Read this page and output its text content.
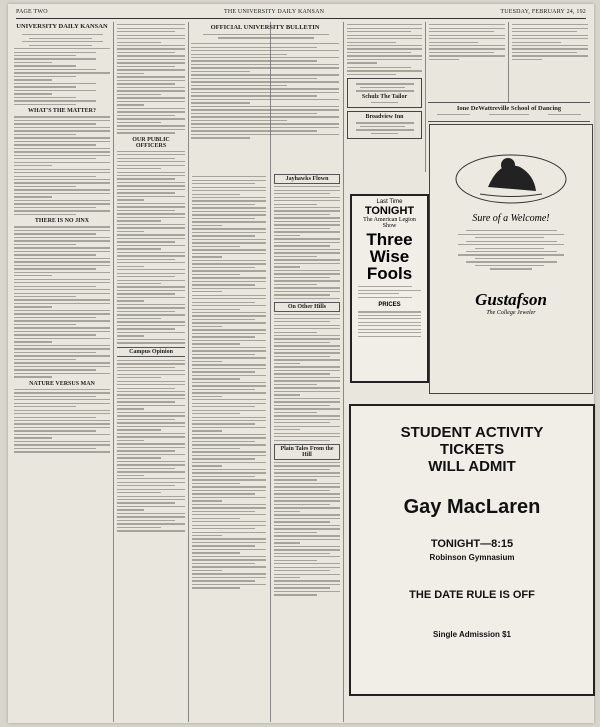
PAGE TWO	THE UNIVERSITY DAILY KANSAN	TUESDAY, FEBRUARY 24, 192
UNIVERSITY DAILY KANSAN
WHAT'S THE MATTER?
THERE IS NO JINX
NATURE VERSUS MAN
OUR PUBLIC OFFICERS
Campus Opinion
OFFICIAL UNIVERSITY BULLETIN
Jayhawks Flown
On Other Hills
Plain Tales From the Hill
Schulz The Tailor
Broadview Inn
Ione DeWattreville School of Dancing
Last Time
TONIGHT
The American Legion Show
Three
Wise
Fools
PRICES
Sure of a Welcome!
Gustafson
The College Jeweler
STUDENT ACTIVITY
TICKETS
WILL ADMIT
Gay MacLaren
TONIGHT—8:15
Robinson Gymnasium
THE DATE RULE IS OFF
Single Admission $1
